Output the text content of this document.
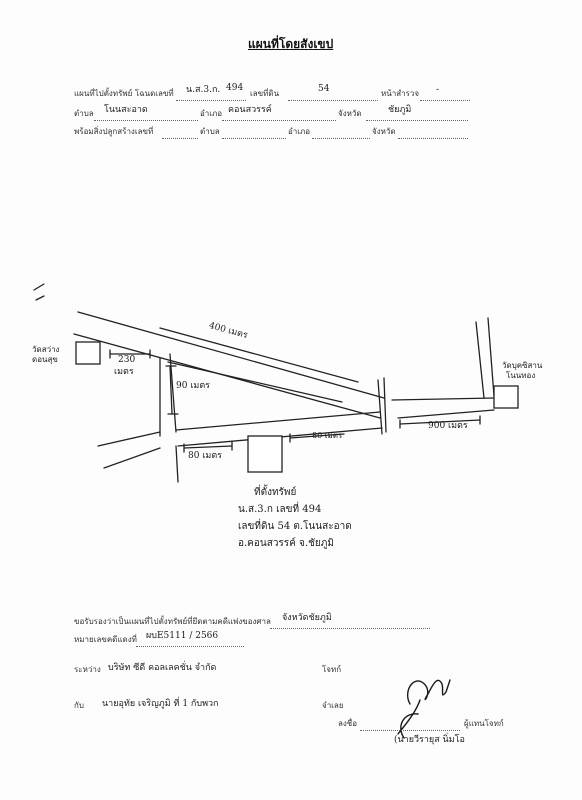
แผนที่โดยสังเขป
แผนที่ไปตั้งทรัพย์ โฉนดเลขที่ น.ส.3.ก. 494
เลขที่ดิน	54	หน้าสำรวจ -
ตำบล โนนสะอาด	อำเภอ คอนสวรรค์	จังหวัด	ชัยภูมิ
พร้อมสิ่งปลูกสร้างเลขที่	ตำบล	อำเภอ	จังหวัด
400 เมตร
วัดสว่าง
ดอนสุข	230
เมตร
90 เมตร
80 เมตร
80 เมตร
900 เมตร
วัดบุคซิสาน
โนนทอง
ที่ตั้งทรัพย์
น.ส.3.ก เลขที่ 494
เลขที่ดิน 54 ต.โนนสะอาด
อ.คอนสวรรค์ จ.ชัยภูมิ
ขอรับรองว่าเป็นแผนที่ไปตั้งทรัพย์ที่ยึดตามคดีแพ่งของศาล จังหวัดชัยภูมิ
หมายเลขคดีแดงที่ ผบE5111 / 2566
ระหว่าง บริษัท ซีดี คอลเลคชั่น จำกัด	โจทก์
กับ นายอุทัย เจริญภูมิ ที่ 1 กับพวก	จำเลย
ลงชื่อ	ผู้แทนโจทก์
(นายวีรายุส นิ่มโอ
